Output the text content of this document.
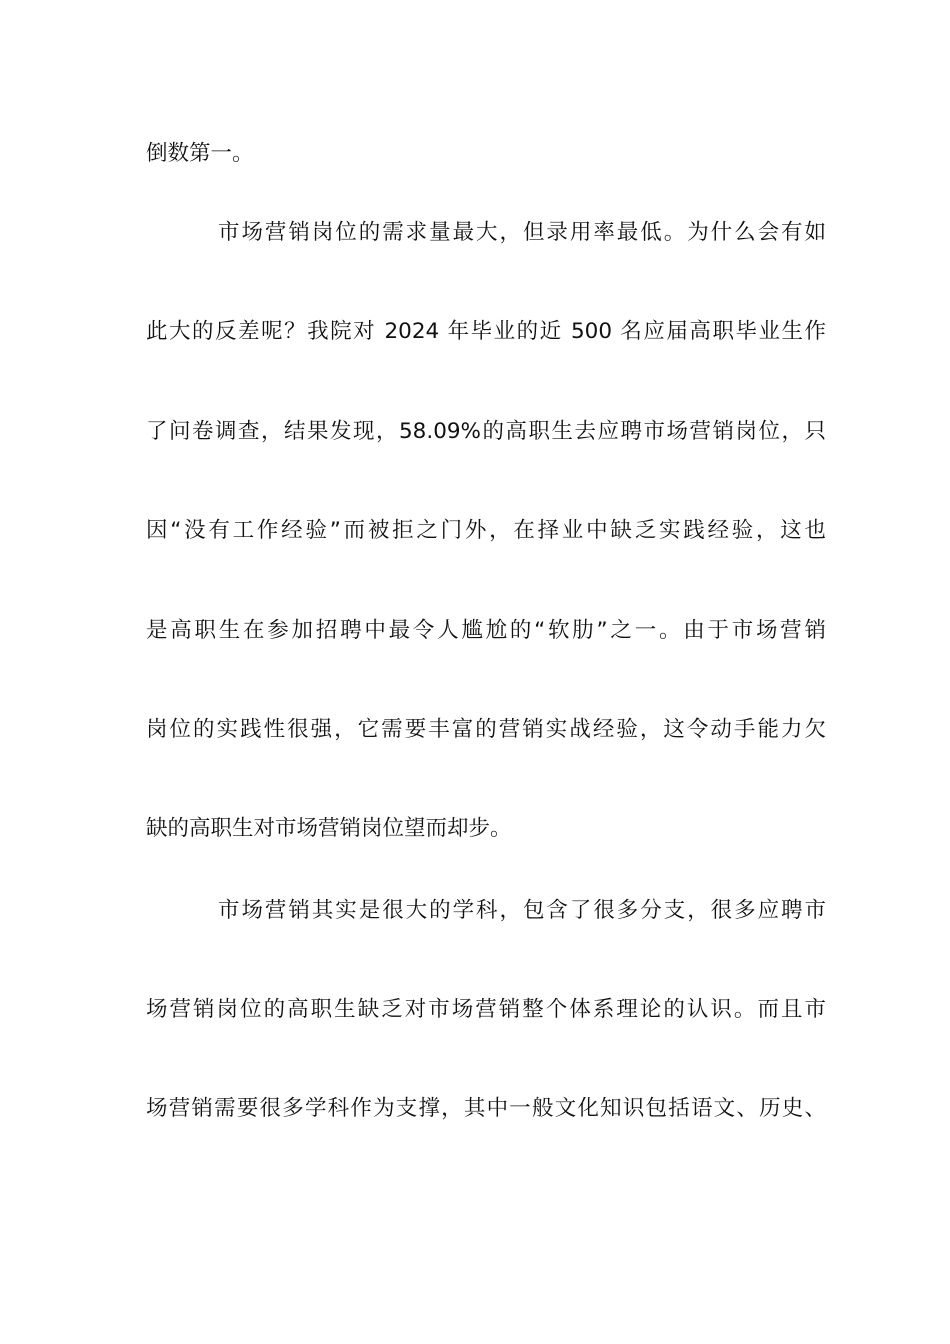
倒数第一。
市场营销岗位的需求量最大，但录用率最低。为什么会有如
此大的反差呢？我院对 2024 年毕业的近 500 名应届高职毕业生作
了问卷调查，结果发现，58.09%的高职生去应聘市场营销岗位，只
因“没有工作经验”而被拒之门外，在择业中缺乏实践经验，这也
是高职生在参加招聘中最令人尴尬的“软肋”之一。由于市场营销
岗位的实践性很强，它需要丰富的营销实战经验，这令动手能力欠
缺的高职生对市场营销岗位望而却步。
市场营销其实是很大的学科，包含了很多分支，很多应聘市
场营销岗位的高职生缺乏对市场营销整个体系理论的认识。而且市
场营销需要很多学科作为支撑，其中一般文化知识包括语文、历史、
